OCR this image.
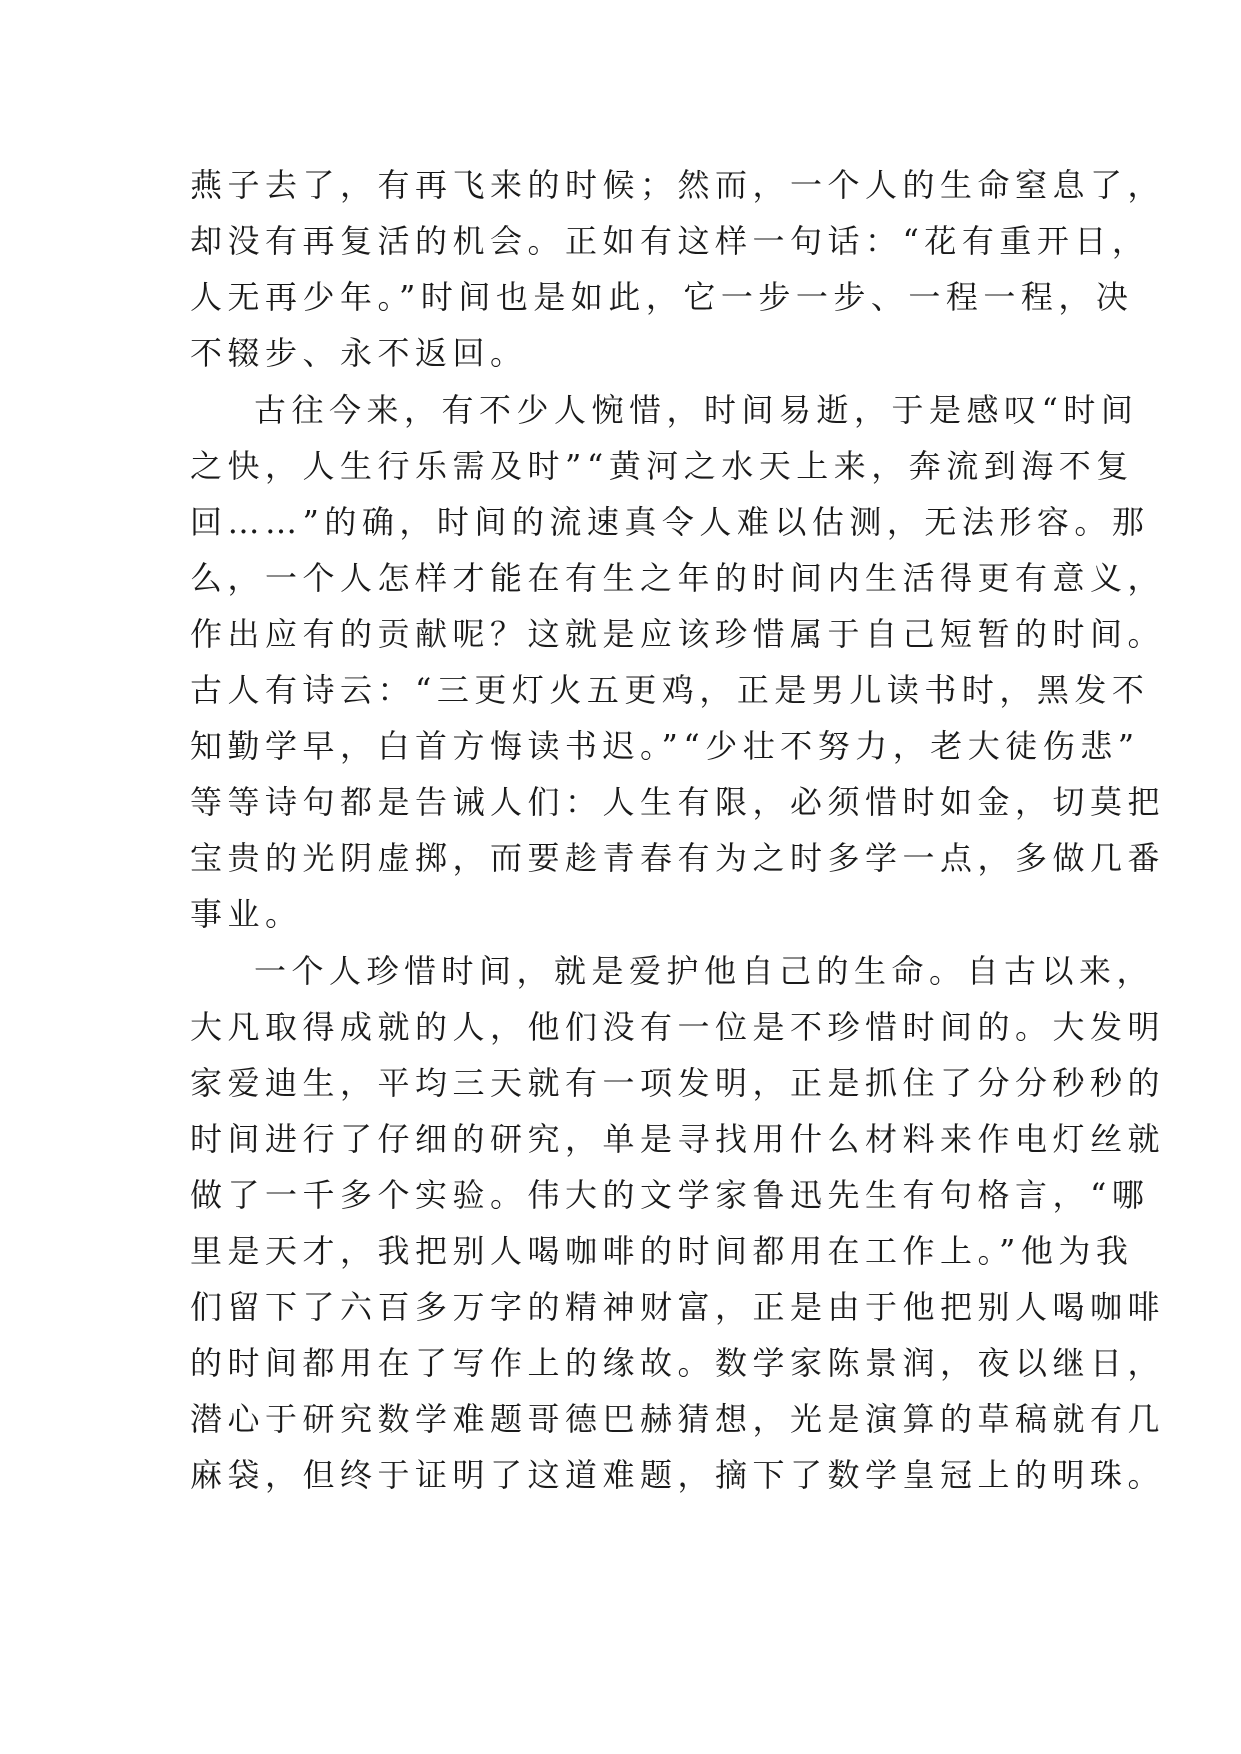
燕子去了，有再飞来的时候；然而，一个人的生命窒息了，
却没有再复活的机会。正如有这样一句话：“花有重开日，
人无再少年。”时间也是如此，它一步一步、一程一程，决
不辍步、永不返回。
古往今来，有不少人惋惜，时间易逝，于是感叹“时间
之快，人生行乐需及时”“黄河之水天上来，奔流到海不复
回……”的确，时间的流速真令人难以估测，无法形容。那
么，一个人怎样才能在有生之年的时间内生活得更有意义，
作出应有的贡献呢？这就是应该珍惜属于自己短暂的时间。
古人有诗云：“三更灯火五更鸡，正是男儿读书时，黑发不
知勤学早，白首方悔读书迟。”“少壮不努力，老大徒伤悲”
等等诗句都是告诫人们：人生有限，必须惜时如金，切莫把
宝贵的光阴虚掷，而要趁青春有为之时多学一点，多做几番
事业。
一个人珍惜时间，就是爱护他自己的生命。自古以来，
大凡取得成就的人，他们没有一位是不珍惜时间的。大发明
家爱迪生，平均三天就有一项发明，正是抓住了分分秒秒的
时间进行了仔细的研究，单是寻找用什么材料来作电灯丝就
做了一千多个实验。伟大的文学家鲁迅先生有句格言，“哪
里是天才，我把别人喝咖啡的时间都用在工作上。”他为我
们留下了六百多万字的精神财富，正是由于他把别人喝咖啡
的时间都用在了写作上的缘故。数学家陈景润，夜以继日，
潜心于研究数学难题哥德巴赫猜想，光是演算的草稿就有几
麻袋，但终于证明了这道难题，摘下了数学皇冠上的明珠。
